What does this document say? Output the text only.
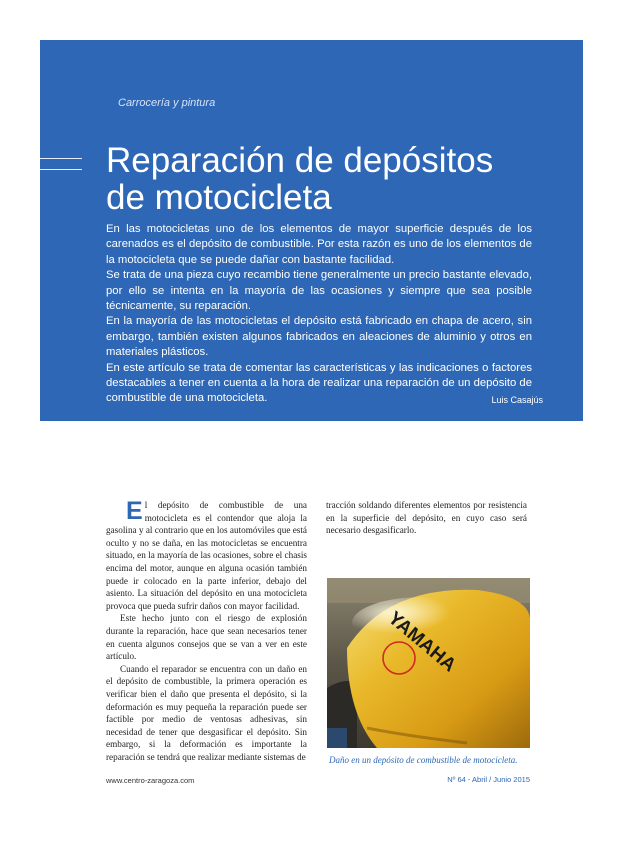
Carrocería y pintura
Reparación de depósitos
de motocicleta

En las motocicletas uno de los elementos de mayor superficie después de los carenados es el depósito de combustible. Por esta razón es uno de los elementos de la motocicleta que se puede dañar con bastante facilidad.

Se trata de una pieza cuyo recambio tiene generalmente un precio bastante elevado, por ello se intenta en la mayoría de las ocasiones y siempre que sea posible técnicamente, su reparación.

En la mayoría de las motocicletas el depósito está fabricado en chapa de acero, sin embargo, también existen algunos fabricados en aleaciones de aluminio y otros en materiales plásticos.

En este artículo se trata de comentar las características y las indicaciones o factores destacables a tener en cuenta a la hora de realizar una reparación de un depósito de combustible de una motocicleta.	Luis Casajús

El depósito de combustible de una motocicleta es el contendor que aloja la gasolina y al contrario que en los automóviles que está oculto y no se daña, en las motocicletas se encuentra situado, en la mayoría de las ocasiones, sobre el chasis encima del motor, aunque en alguna ocasión también puede ir colocado en la parte inferior, debajo del asiento. La situación del depósito en una motocicleta provoca que pueda sufrir daños con mayor facilidad.

Este hecho junto con el riesgo de explosión durante la reparación, hace que sean necesarios tener en cuenta algunos consejos que se van a ver en este artículo.

Cuando el reparador se encuentra con un daño en el depósito de combustible, la primera operación es verificar bien el daño que presenta el depósito, si la deformación es muy pequeña la reparación puede ser factible por medio de ventosas adhesivas, sin necesidad de tener que desgasificar el depósito. Sin embargo, si la deformación es importante la reparación se tendrá que realizar mediante sistemas de

tracción soldando diferentes elementos por resistencia en la superficie del depósito, en cuyo caso será necesario desgasificarlo.

YAMAHA
Daño en un depósito de combustible de motocicleta.
www.centro-zaragoza.com	Nº 64 - Abril / Junio 2015
